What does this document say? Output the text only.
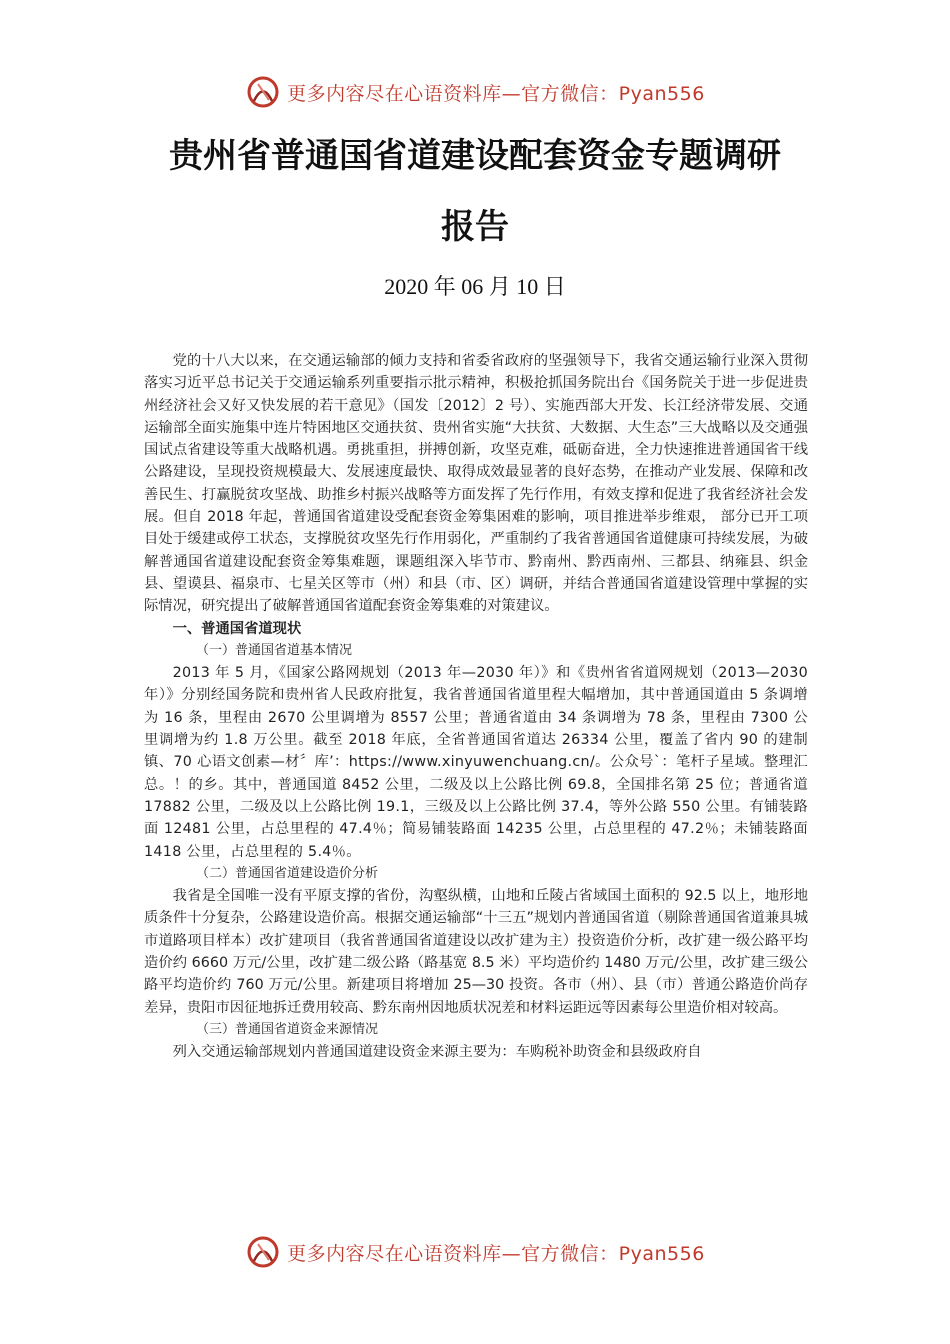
更多内容尽在心语资料库—官方微信：Pyan556
贵州省普通国省道建设配套资金专题调研
报告
2020 年 06 月 10 日

党的十八大以来，在交通运输部的倾力支持和省委省政府的坚强领导下，我省交通运输行业深入贯彻落实习近平总书记关于交通运输系列重要指示批示精神，积极抢抓国务院出台《国务院关于进一步促进贵州经济社会又好又快发展的若干意见》（国发〔2012〕2 号）、实施西部大开发、长江经济带发展、交通运输部全面实施集中连片特困地区交通扶贫、贵州省实施“大扶贫、大数据、大生态”三大战略以及交通强国试点省建设等重大战略机遇。勇挑重担，拼搏创新，攻坚克难，砥砺奋进，全力快速推进普通国省干线公路建设，呈现投资规模最大、发展速度最快、取得成效最显著的良好态势，在推动产业发展、保障和改善民生、打赢脱贫攻坚战、助推乡村振兴战略等方面发挥了先行作用，有效支撑和促进了我省经济社会发展。但自 2018 年起，普通国省道建设受配套资金筹集困难的影响，项目推进举步维艰， 部分已开工项目处于缓建或停工状态，支撑脱贫攻坚先行作用弱化，严重制约了我省普通国省道健康可持续发展，为破解普通国省道建设配套资金筹集难题，课题组深入毕节市、黔南州、黔西南州、三都县、纳雍县、织金县、望谟县、福泉市、七星关区等市（州）和县（市、区）调研，并结合普通国省道建设管理中掌握的实际情况，研究提出了破解普通国省道配套资金筹集难的对策建议。

一、普通国省道现状

（一）普通国省道基本情况

2013 年 5 月，《国家公路网规划（2013 年—2030 年）》和《贵州省省道网规划（2013—2030 年）》分别经国务院和贵州省人民政府批复，我省普通国省道里程大幅增加，其中普通国道由 5 条调增为 16 条，里程由 2670 公里调增为 8557 公里；普通省道由 34 条调增为 78 条，里程由 7300 公里调增为约 1.8 万公里。截至 2018 年底，全省普通国省道达 26334 公里，覆盖了省内 90 的建制镇、70 心语文创素—材〞库’：https://www.xinyuwenchuang.cn/。公众号`：笔杆子星域。整理汇总。！的乡。其中，普通国道 8452 公里，二级及以上公路比例 69.8，全国排名第 25 位；普通省道 17882 公里，二级及以上公路比例 19.1，三级及以上公路比例 37.4，等外公路 550 公里。有铺装路面 12481 公里，占总里程的 47.4％；简易铺装路面 14235 公里，占总里程的 47.2％；未铺装路面 1418 公里，占总里程的 5.4％。

（二）普通国省道建设造价分析

我省是全国唯一没有平原支撑的省份，沟壑纵横，山地和丘陵占省域国土面积的 92.5 以上，地形地质条件十分复杂，公路建设造价高。根据交通运输部“十三五”规划内普通国省道（剔除普通国省道兼具城市道路项目样本）改扩建项目（我省普通国省道建设以改扩建为主）投资造价分析，改扩建一级公路平均造价约 6660 万元/公里，改扩建二级公路（路基宽 8.5 米）平均造价约 1480 万元/公里，改扩建三级公路平均造价约 760 万元/公里。新建项目将增加 25—30 投资。各市（州）、县（市）普通公路造价尚存差异，贵阳市因征地拆迁费用较高、黔东南州因地质状况差和材料运距远等因素每公里造价相对较高。

（三）普通国省道资金来源情况

列入交通运输部规划内普通国道建设资金来源主要为：车购税补助资金和县级政府自

更多内容尽在心语资料库—官方微信：Pyan556
